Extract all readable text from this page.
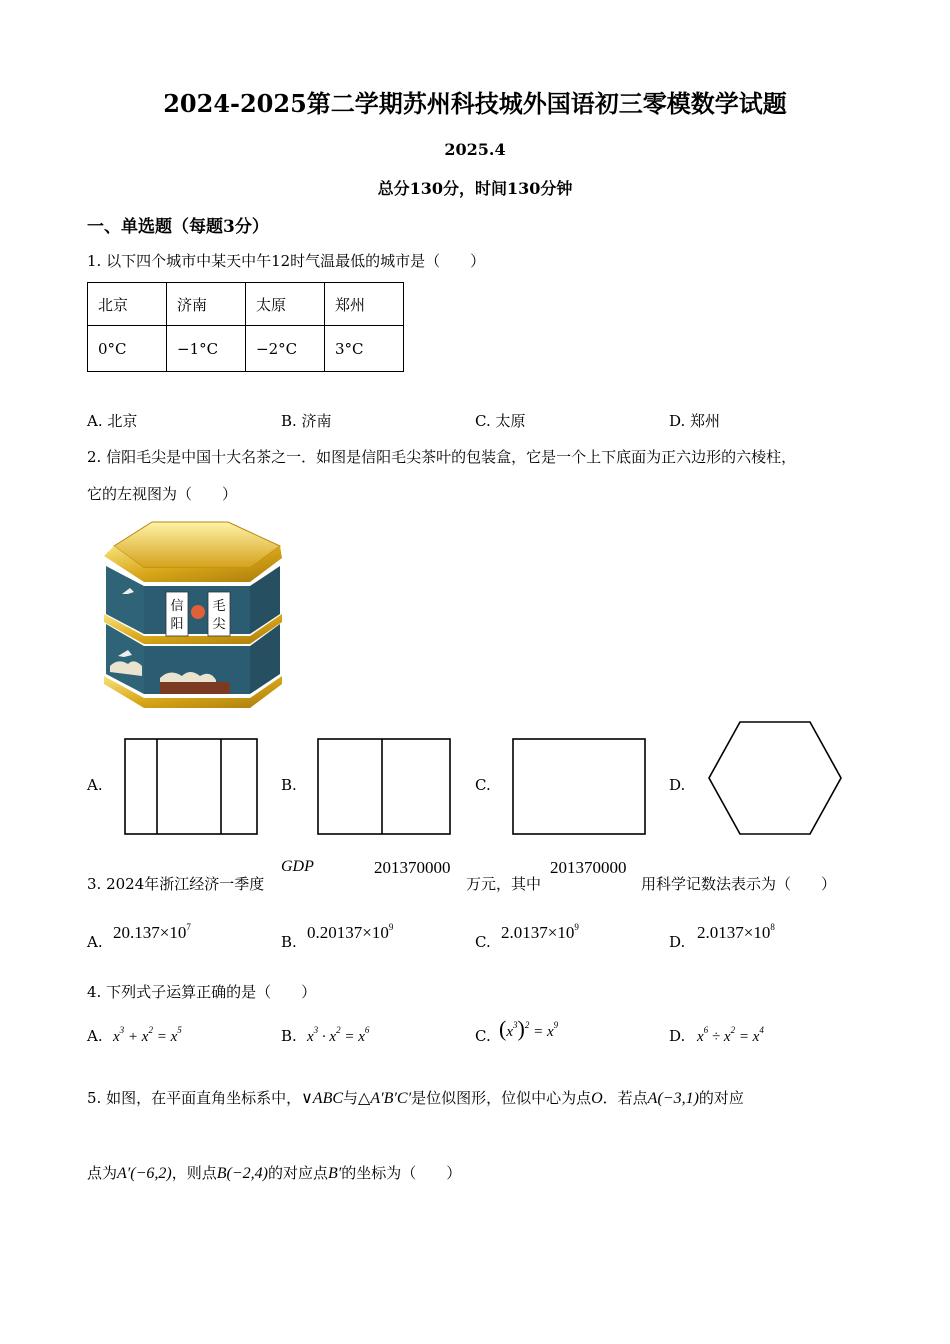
2024-2025第二学期苏州科技城外国语初三零模数学试题
2025.4
总分130分，时间130分钟
一、单选题（每题3分）
1. 以下四个城市中某天中午12时气温最低的城市是（　　）
北京	济南	太原	郑州
0°C	−1°C	−2°C	3°C
A. 北京	B. 济南	C. 太原	D. 郑州
2. 信阳毛尖是中国十大名茶之一．如图是信阳毛尖茶叶的包装盒，它是一个上下底面为正六边形的六棱柱，
它的左视图为（　　）
信
阳
毛
尖
A.	B.	C.	D.
3. 2024年浙江经济一季度
GDP	201370000
万元，其中
201370000
用科学记数法表示为（　　）
A. $20.137\times 10^7$
B. $0.20137\times 10^9$
C. $2.0137\times 10^9$
D. $2.0137\times 10^8$
4. 下列式子运算正确的是（　　）
A. $x^3 + x^2 = x^5$	B. $x^3 \cdot x^2 = x^6$	C. $(x^3)^2 = x^9$
D. $x^6 \div x^2 = x^4$
5. 如图，在平面直角坐标系中，∨ABC与△A′B′C′是位似图形，位似中心为点O．若点A(−3,1)的对应
点为A′(−6,2)，则点B(−2,4)的对应点B′的坐标为（　　）
